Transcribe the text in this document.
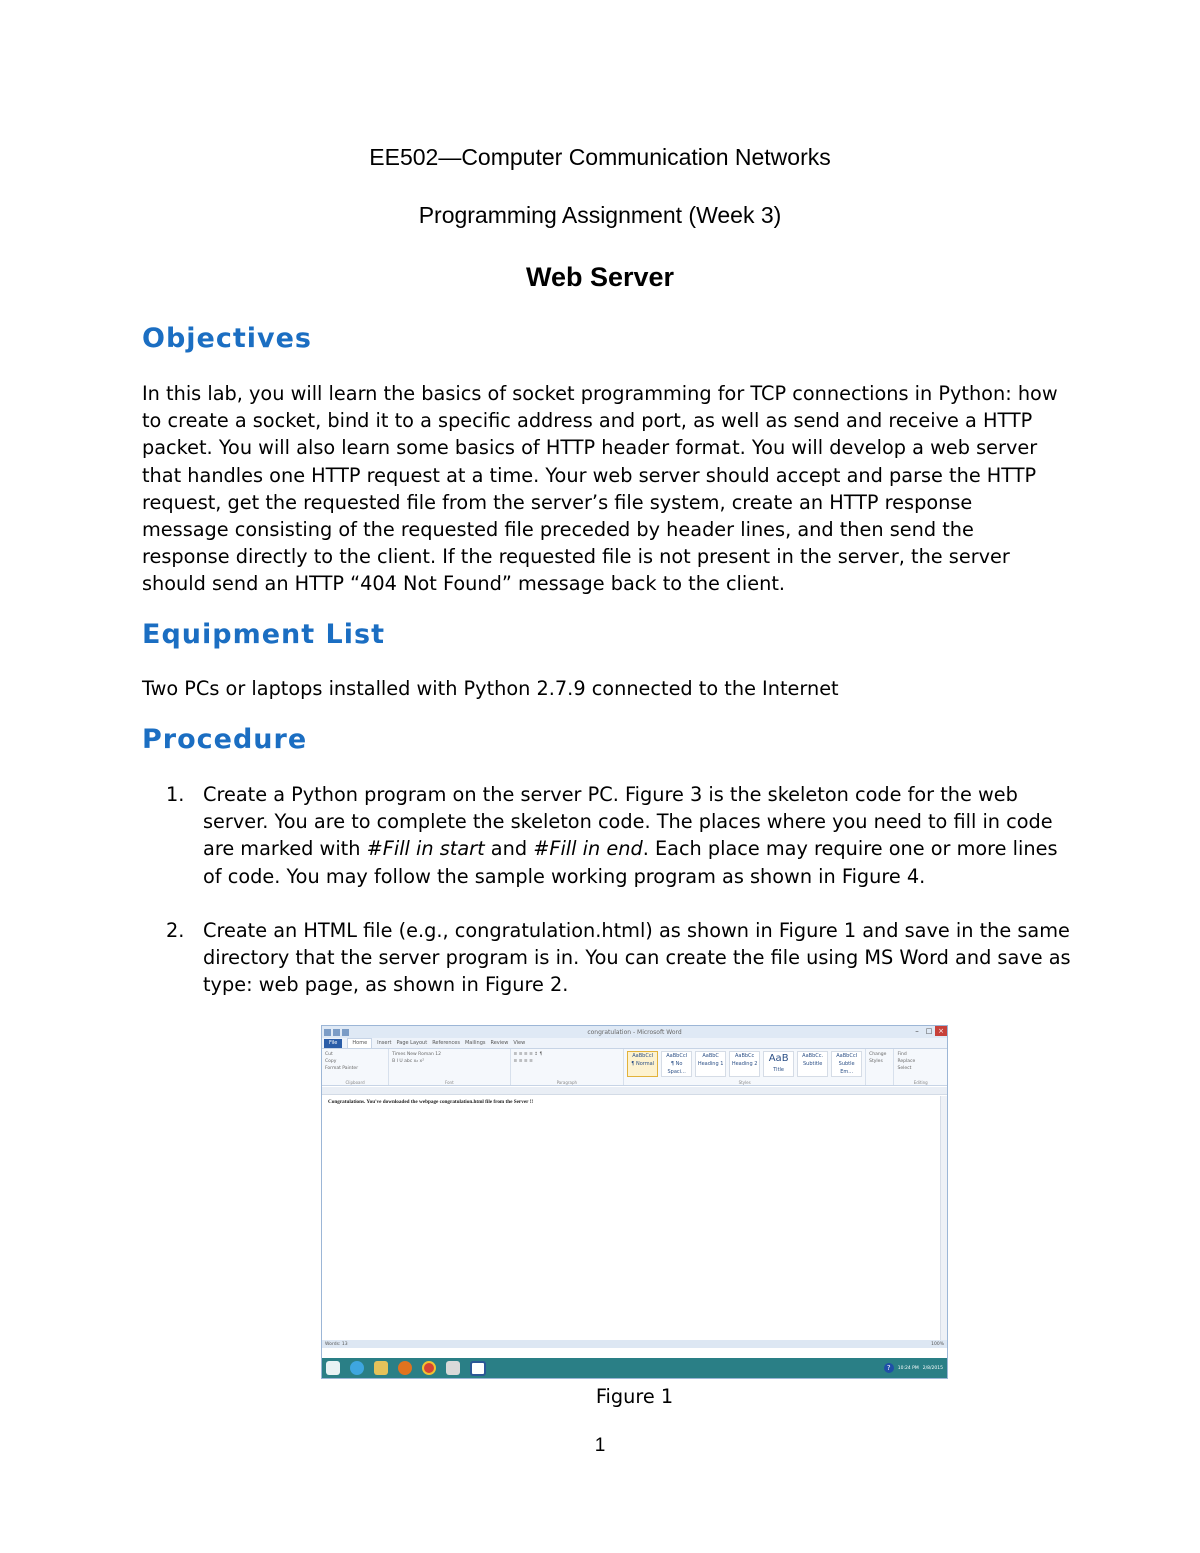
EE502—Computer Communication Networks
Programming Assignment (Week 3)
Web Server
Objectives

In this lab, you will learn the basics of socket programming for TCP connections in Python: how to create a socket, bind it to a specific address and port, as well as send and receive a HTTP packet. You will also learn some basics of HTTP header format. You will develop a web server that handles one HTTP request at a time. Your web server should accept and parse the HTTP request, get the requested file from the server’s file system, create an HTTP response message consisting of the requested file preceded by header lines, and then send the response directly to the client. If the requested file is not present in the server, the server should send an HTTP “404 Not Found” message back to the client.

Equipment List

Two PCs or laptops installed with Python 2.7.9 connected to the Internet

Procedure
1. Create a Python program on the server PC. Figure 3 is the skeleton code for the web server. You are to complete the skeleton code. The places where you need to fill in code are marked with #Fill in start and #Fill in end. Each place may require one or more lines of code. You may follow the sample working program as shown in Figure 4.
2. Create an HTML file (e.g., congratulation.html) as shown in Figure 1 and save in the same directory that the server program is in. You can create the file using MS Word and save as type: web page, as shown in Figure 2.
congratulation - Microsoft Word	– □ ×
File	Home	Insert Page Layout References Mailings Review View
Cut
Copy
Format Painter
Clipboard
Times New Roman 12
B I U abc x₂ x²
Font
≡ ≡ ≡ ≡ ↕ ¶
≡ ≡ ≡ ≡
Paragraph
AaBbCcI
¶ Normal
AaBbCcI
¶ No Spaci...
AaBbC
Heading 1
AaBbCc
Heading 2	AaB
Title
AaBbCc.
Subtitle
AaBbCcI
Subtle Em...
Styles
Change Styles
Find
Replace
Select
Editing
Congratulations. You've downloaded the webpage congratulation.html file from the Server !!
Words: 13	100%
?	10:24 PM 2/8/2015
Figure 1
1
